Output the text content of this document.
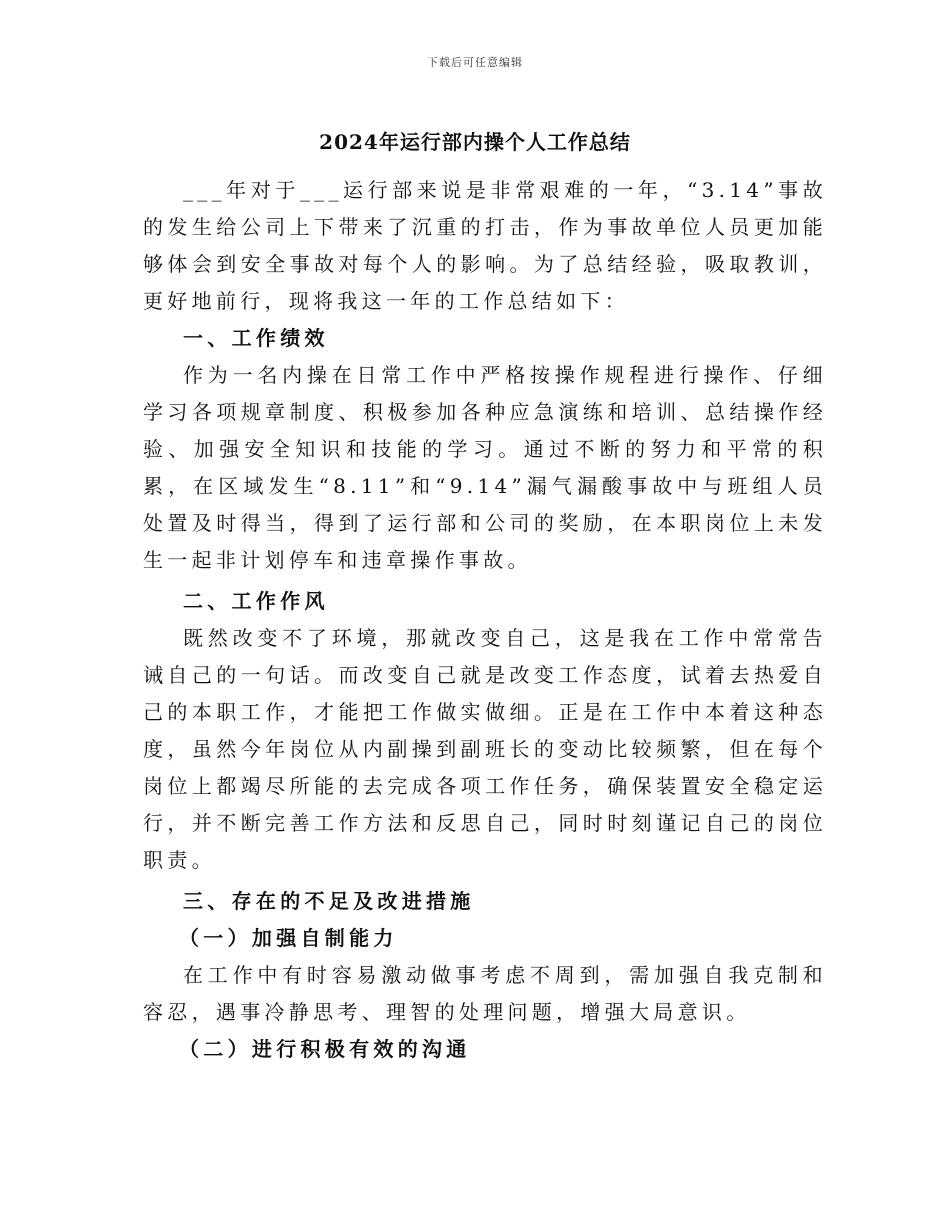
下载后可任意编辑
2024年运行部内操个人工作总结

___年对于___运行部来说是非常艰难的一年，“3.14”事故的发生给公司上下带来了沉重的打击，作为事故单位人员更加能够体会到安全事故对每个人的影响。为了总结经验，吸取教训，更好地前行，现将我这一年的工作总结如下：

一、工作绩效

作为一名内操在日常工作中严格按操作规程进行操作、仔细学习各项规章制度、积极参加各种应急演练和培训、总结操作经验、加强安全知识和技能的学习。通过不断的努力和平常的积累，在区域发生“8.11”和“9.14”漏气漏酸事故中与班组人员处置及时得当，得到了运行部和公司的奖励，在本职岗位上未发生一起非计划停车和违章操作事故。

二、工作作风

既然改变不了环境，那就改变自己，这是我在工作中常常告诫自己的一句话。而改变自己就是改变工作态度，试着去热爱自己的本职工作，才能把工作做实做细。正是在工作中本着这种态度，虽然今年岗位从内副操到副班长的变动比较频繁，但在每个岗位上都竭尽所能的去完成各项工作任务，确保装置安全稳定运行，并不断完善工作方法和反思自己，同时时刻谨记自己的岗位职责。

三、存在的不足及改进措施

（一）加强自制能力

在工作中有时容易激动做事考虑不周到，需加强自我克制和容忍，遇事冷静思考、理智的处理问题，增强大局意识。

（二）进行积极有效的沟通
